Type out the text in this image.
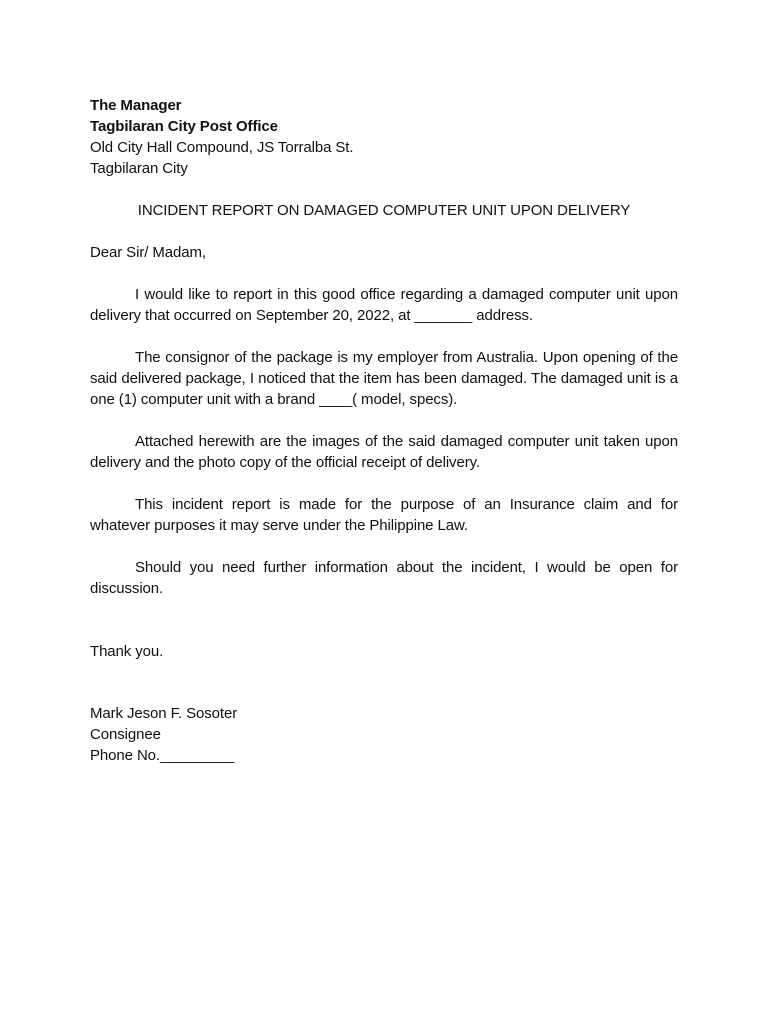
The Manager

Tagbilaran City Post Office

Old City Hall Compound, JS Torralba St.

Tagbilaran City

INCIDENT REPORT ON DAMAGED COMPUTER UNIT UPON DELIVERY

Dear Sir/ Madam,

I would like to report in this good office regarding a damaged computer unit upon delivery that occurred on September 20, 2022, at _______ address.

The consignor of the package is my employer from Australia. Upon opening of the said delivered package, I noticed that the item has been damaged. The damaged unit is a one (1) computer unit with a brand ____( model, specs).

Attached herewith are the images of the said damaged computer unit taken upon delivery and the photo copy of the official receipt of delivery.

This incident report is made for the purpose of an Insurance claim and for whatever purposes it may serve under the Philippine Law.

Should you need further information about the incident, I would be open for discussion.

Thank you.

Mark Jeson F. Sosoter

Consignee

Phone No._________
